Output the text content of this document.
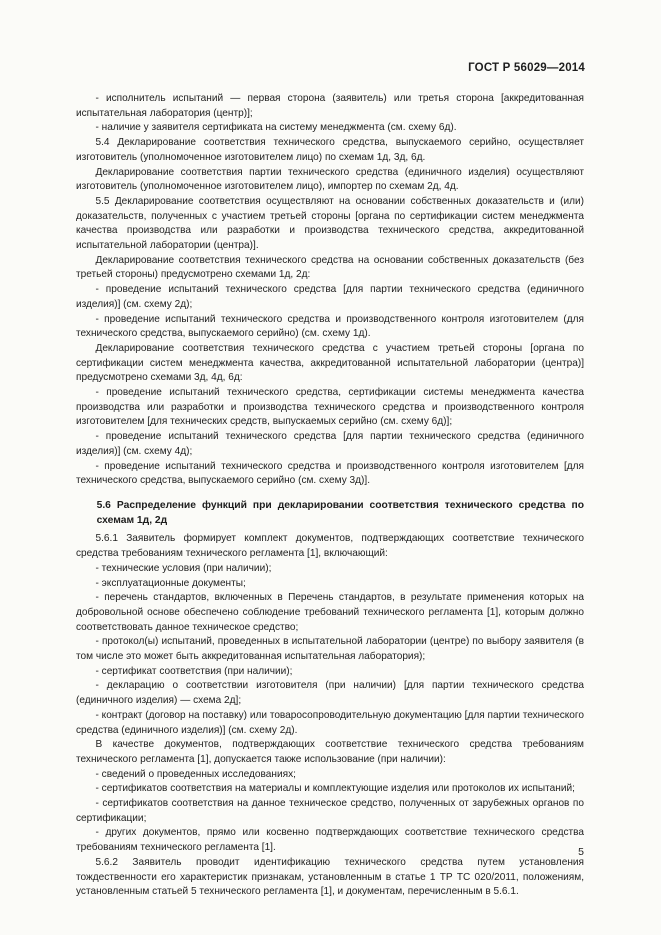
ГОСТ Р 56029—2014

- исполнитель испытаний — первая сторона (заявитель) или третья сторона [аккредитованная испытательная лаборатория (центр)];

- наличие у заявителя сертификата на систему менеджмента (см. схему 6д).

5.4 Декларирование соответствия технического средства, выпускаемого серийно, осуществляет изготовитель (уполномоченное изготовителем лицо) по схемам 1д, 3д, 6д.

Декларирование соответствия партии технического средства (единичного изделия) осуществляют изготовитель (уполномоченное изготовителем лицо), импортер по схемам 2д, 4д.

5.5 Декларирование соответствия осуществляют на основании собственных доказательств и (или) доказательств, полученных с участием третьей стороны [органа по сертификации систем менеджмента качества производства или разработки и производства технического средства, аккредитованной испытательной лаборатории (центра)].

Декларирование соответствия технического средства на основании собственных доказательств (без третьей стороны) предусмотрено схемами 1д, 2д:

- проведение испытаний технического средства [для партии технического средства (единичного изделия)] (см. схему 2д);

- проведение испытаний технического средства и производственного контроля изготовителем (для технического средства, выпускаемого серийно) (см. схему 1д).

Декларирование соответствия технического средства с участием третьей стороны [органа по сертификации систем менеджмента качества, аккредитованной испытательной лаборатории (центра)] предусмотрено схемами 3д, 4д, 6д:

- проведение испытаний технического средства, сертификации системы менеджмента качества производства или разработки и производства технического средства и производственного контроля изготовителем [для технических средств, выпускаемых серийно (см. схему 6д)];

- проведение испытаний технического средства [для партии технического средства (единичного изделия)] (см. схему 4д);

- проведение испытаний технического средства и производственного контроля изготовителем [для технического средства, выпускаемого серийно (см. схему 3д)].

5.6 Распределение функций при декларировании соответствия технического средства по схемам 1д, 2д

5.6.1 Заявитель формирует комплект документов, подтверждающих соответствие технического средства требованиям технического регламента [1], включающий:

- технические условия (при наличии);

- эксплуатационные документы;

- перечень стандартов, включенных в Перечень стандартов, в результате применения которых на добровольной основе обеспечено соблюдение требований технического регламента [1], которым должно соответствовать данное техническое средство;

- протокол(ы) испытаний, проведенных в испытательной лаборатории (центре) по выбору заявителя (в том числе это может быть аккредитованная испытательная лаборатория);

- сертификат соответствия (при наличии);

- декларацию о соответствии изготовителя (при наличии) [для партии технического средства (единичного изделия) — схема 2д];

- контракт (договор на поставку) или товаросопроводительную документацию [для партии технического средства (единичного изделия)] (см. схему 2д).

В качестве документов, подтверждающих соответствие технического средства требованиям технического регламента [1], допускается также использование (при наличии):

- сведений о проведенных исследованиях;

- сертификатов соответствия на материалы и комплектующие изделия или протоколов их испытаний;

- сертификатов соответствия на данное техническое средство, полученных от зарубежных органов по сертификации;

- других документов, прямо или косвенно подтверждающих соответствие технического средства требованиям технического регламента [1].

5.6.2 Заявитель проводит идентификацию технического средства путем установления тождественности его характеристик признакам, установленным в статье 1 ТР ТС 020/2011, положениям, установленным статьей 5 технического регламента [1], и документам, перечисленным в 5.6.1.

5
